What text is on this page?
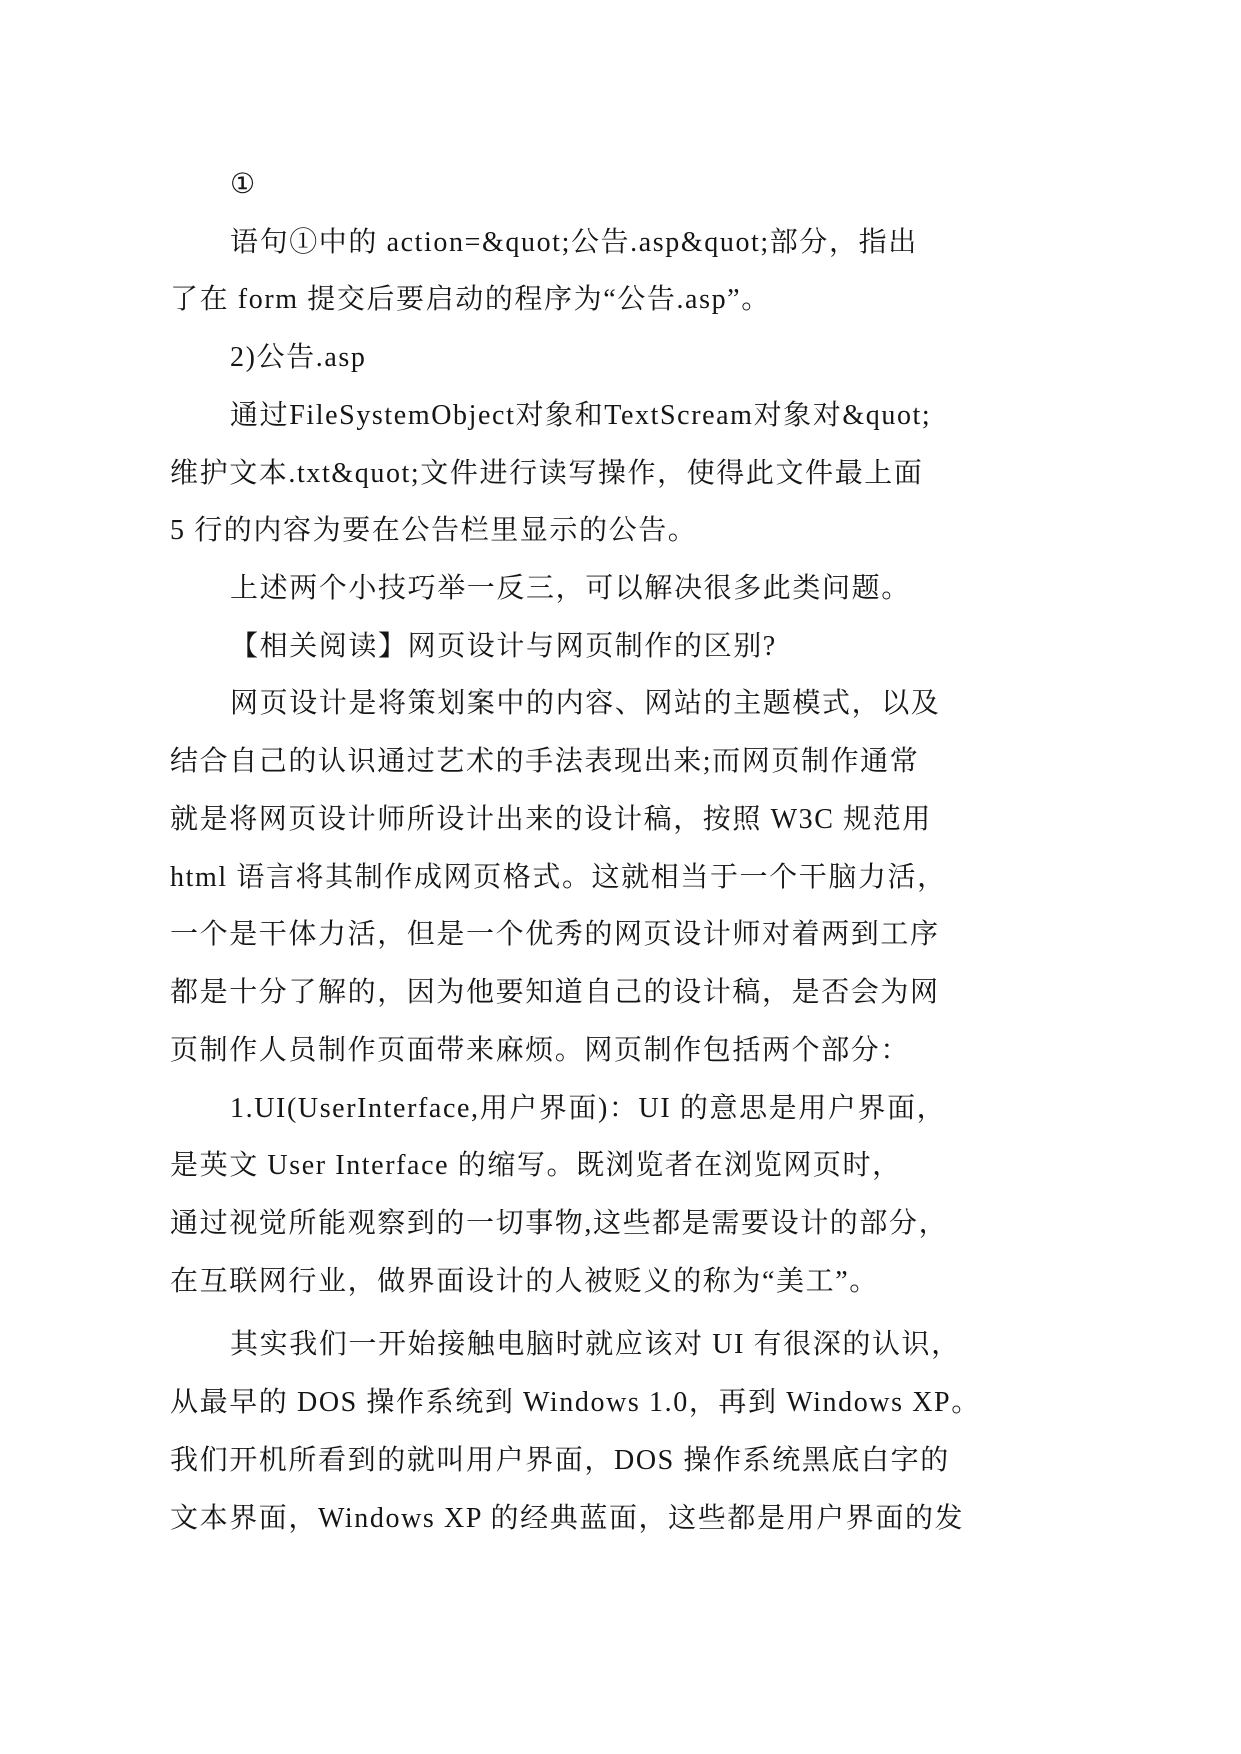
①
语句①中的 action=&quot;公告.asp&quot;部分，指出
了在 form 提交后要启动的程序为“公告.asp”。
2)公告.asp
通过FileSystemObject对象和TextScream对象对&quot;
维护文本.txt&quot;文件进行读写操作，使得此文件最上面
5 行的内容为要在公告栏里显示的公告。
上述两个小技巧举一反三，可以解决很多此类问题。
【相关阅读】网页设计与网页制作的区别?
网页设计是将策划案中的内容、网站的主题模式，以及
结合自己的认识通过艺术的手法表现出来;而网页制作通常
就是将网页设计师所设计出来的设计稿，按照 W3C 规范用
html 语言将其制作成网页格式。这就相当于一个干脑力活，
一个是干体力活，但是一个优秀的网页设计师对着两到工序
都是十分了解的，因为他要知道自己的设计稿，是否会为网
页制作人员制作页面带来麻烦。网页制作包括两个部分：
1.UI(UserInterface,用户界面)：UI 的意思是用户界面，
是英文 User Interface 的缩写。既浏览者在浏览网页时，
通过视觉所能观察到的一切事物,这些都是需要设计的部分，
在互联网行业，做界面设计的人被贬义的称为“美工”。
其实我们一开始接触电脑时就应该对 UI 有很深的认识，
从最早的 DOS 操作系统到 Windows 1.0，再到 Windows XP。
我们开机所看到的就叫用户界面，DOS 操作系统黑底白字的
文本界面，Windows XP 的经典蓝面，这些都是用户界面的发
